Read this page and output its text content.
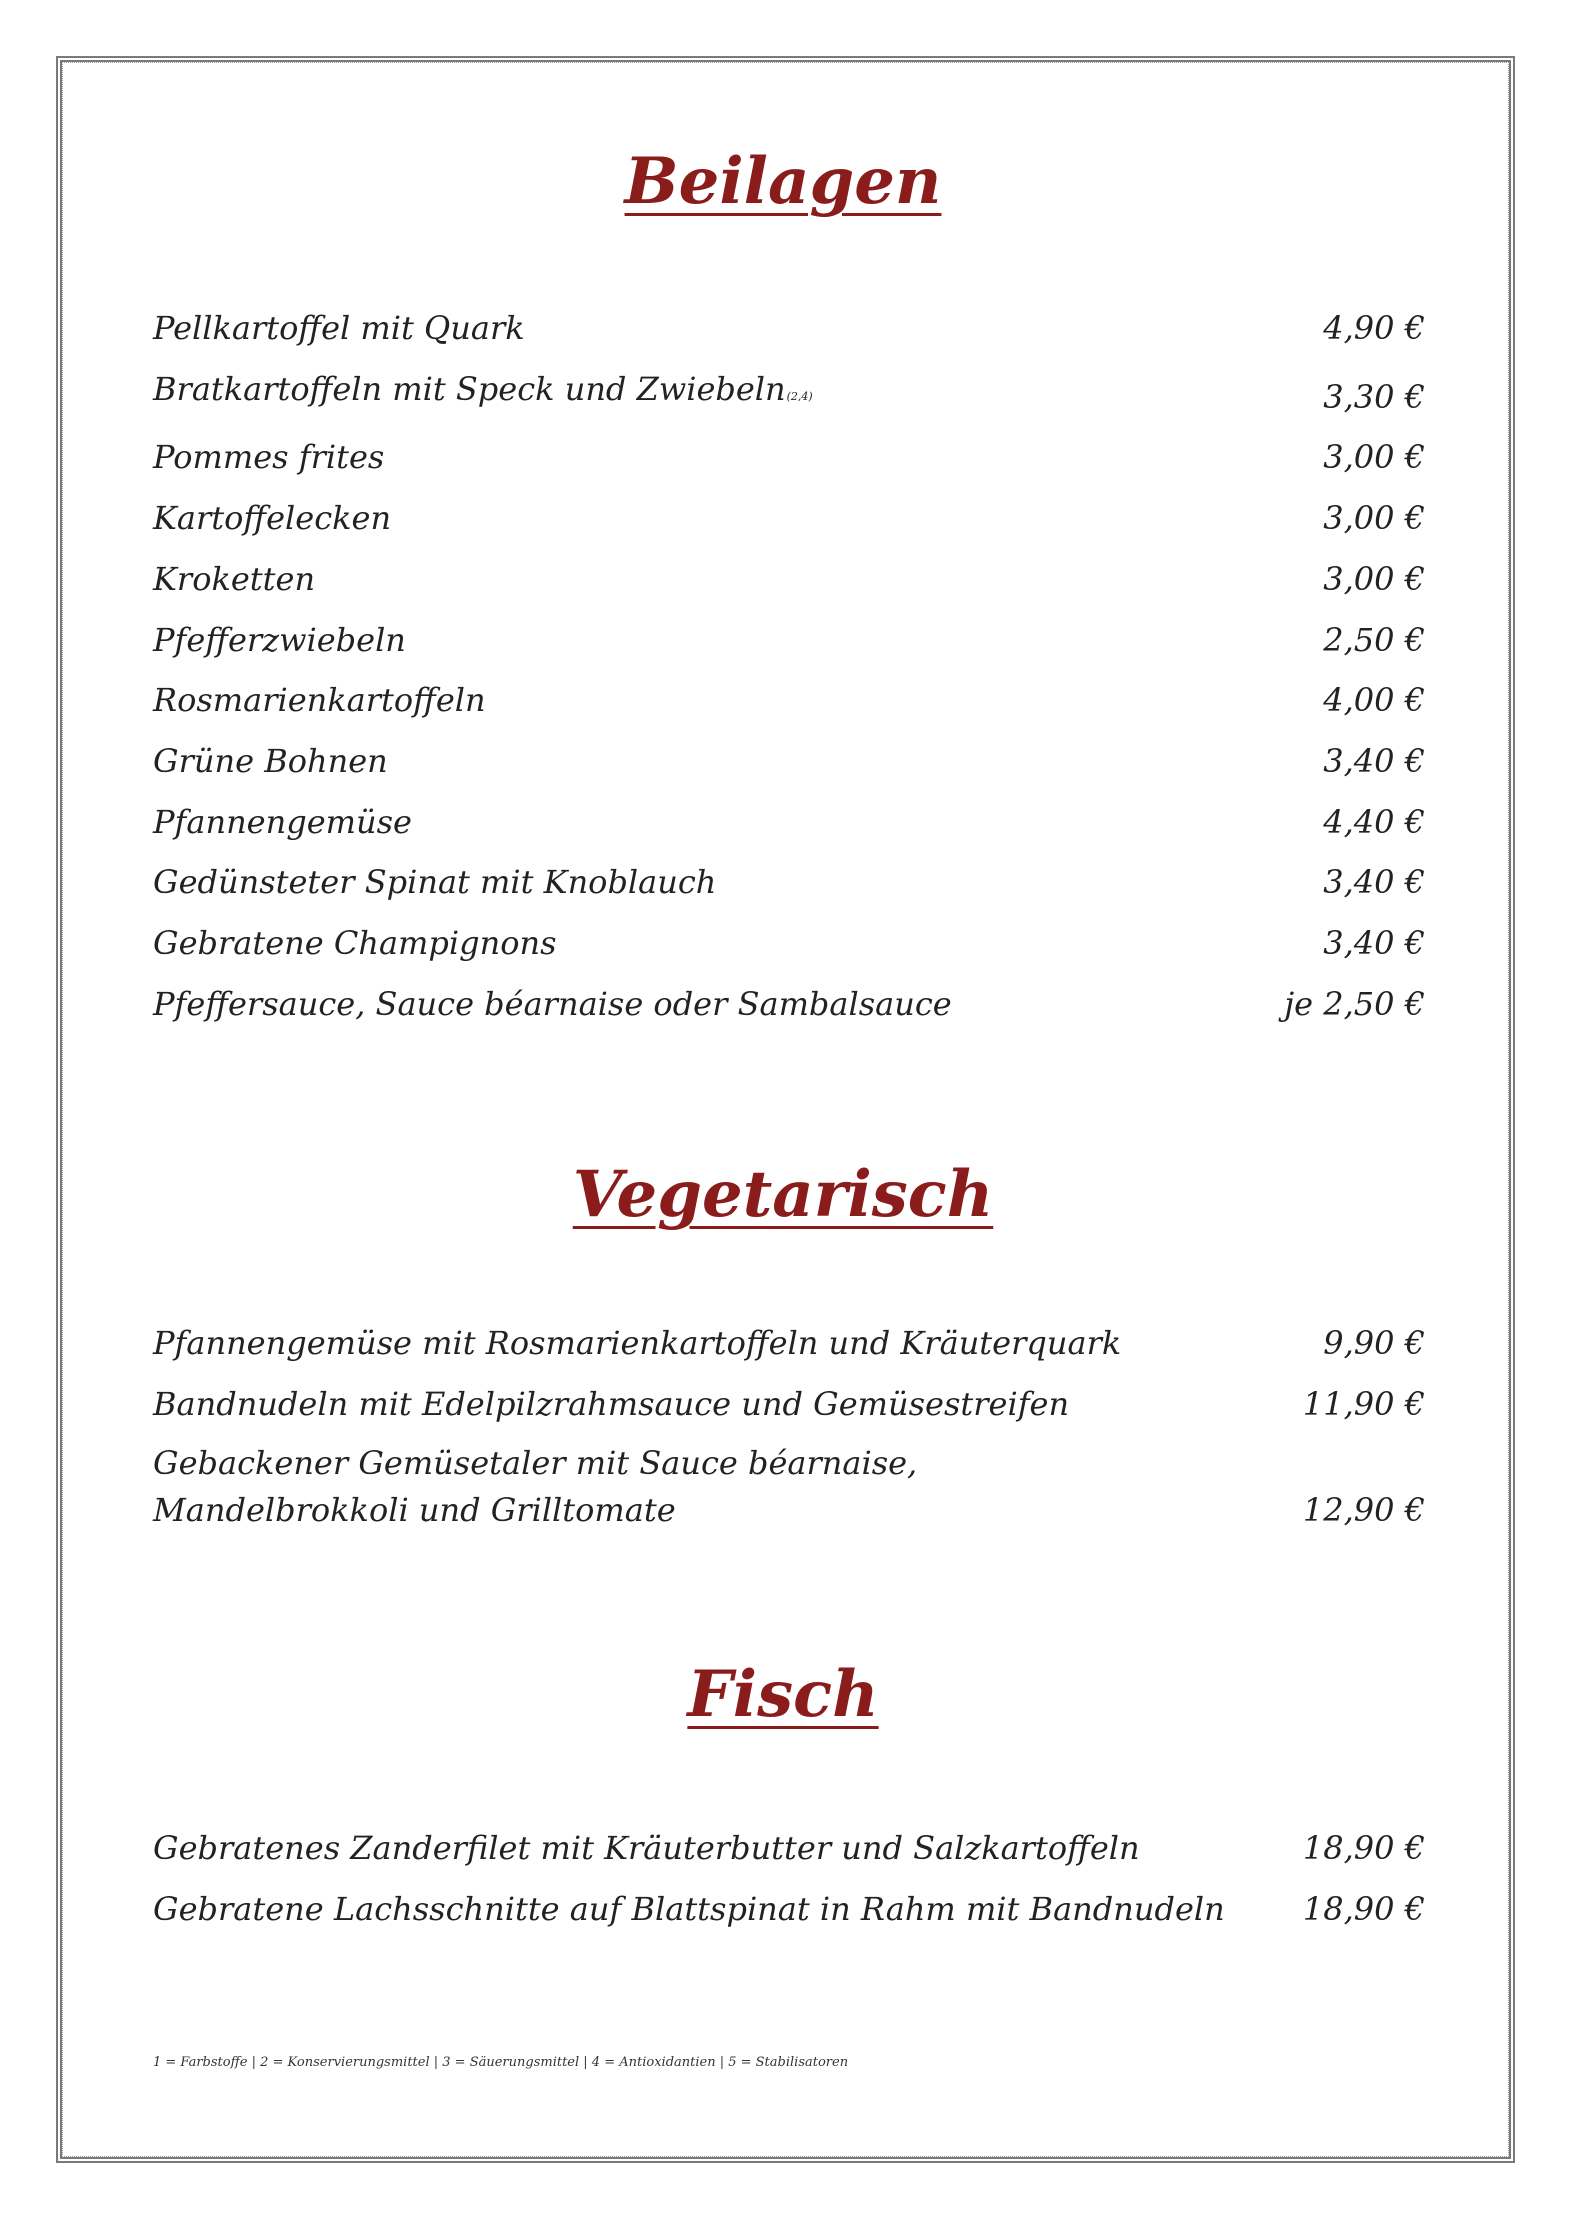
Beilagen
Pellkartoffel mit Quark	4,90 €
Bratkartoffeln mit Speck und Zwiebeln(2,4)	3,30 €
Pommes frites	3,00 €
Kartoffelecken	3,00 €
Kroketten	3,00 €
Pfefferzwiebeln	2,50 €
Rosmarienkartoffeln	4,00 €
Grüne Bohnen	3,40 €
Pfannengemüse	4,40 €
Gedünsteter Spinat mit Knoblauch	3,40 €
Gebratene Champignons	3,40 €
Pfeffersauce, Sauce béarnaise oder Sambalsauce	je 2,50 €
Vegetarisch
Pfannengemüse mit Rosmarienkartoffeln und Kräuterquark	9,90 €
Bandnudeln mit Edelpilzrahmsauce und Gemüsestreifen	11,90 €
Gebackener Gemüsetaler mit Sauce béarnaise,
Mandelbrokkoli und Grilltomate	12,90 €
Fisch
Gebratenes Zanderfilet mit Kräuterbutter und Salzkartoffeln	18,90 €
Gebratene Lachsschnitte auf Blattspinat in Rahm mit Bandnudeln 18,90 €
1 = Farbstoffe | 2 = Konservierungsmittel | 3 = Säuerungsmittel | 4 = Antioxidantien | 5 = Stabilisatoren
